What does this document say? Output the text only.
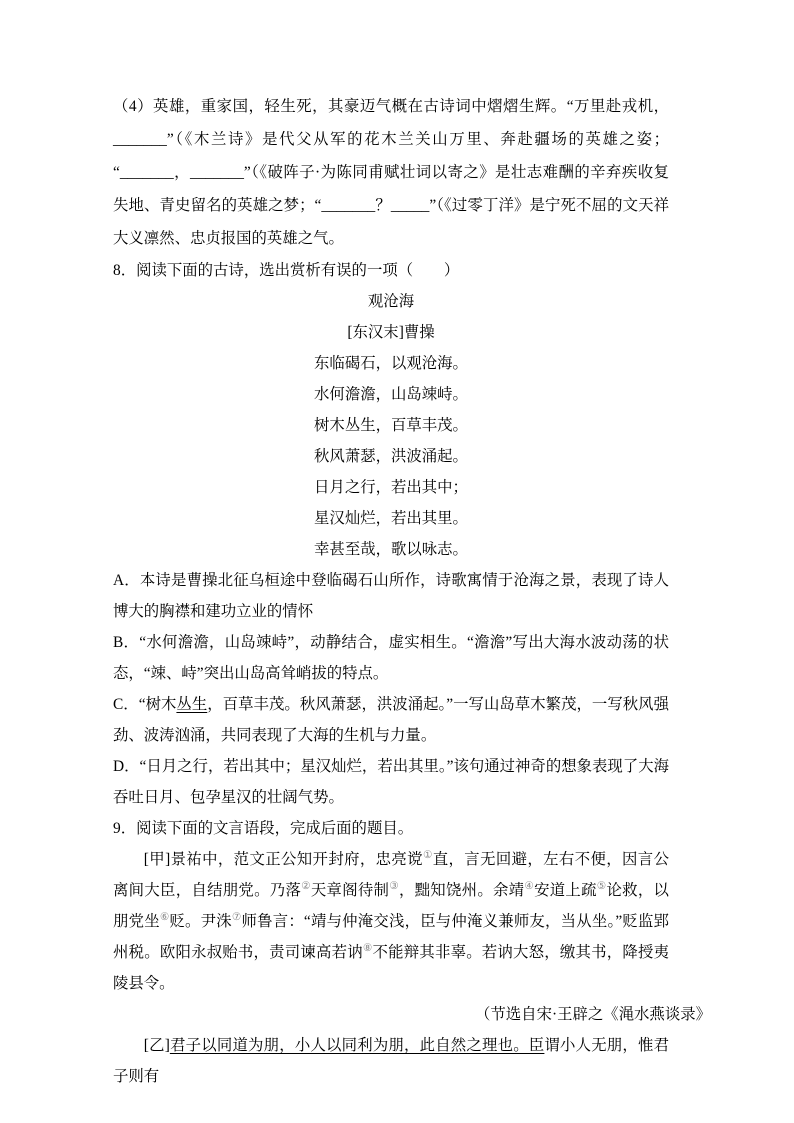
（4）英雄，重家国，轻生死，其豪迈气概在古诗词中熠熠生辉。“万里赴戎机，_______”（《木兰诗》是代父从军的花木兰关山万里、奔赴疆场的英雄之姿；“_______，_______”（《破阵子·为陈同甫赋壮词以寄之》是壮志难酬的辛弃疾收复失地、青史留名的英雄之梦；“_______？_____”（《过零丁洋》是宁死不屈的文天祥大义凛然、忠贞报国的英雄之气。

8．阅读下面的古诗，选出赏析有误的一项（　　）

观沧海
[东汉末]曹操
东临碣石，以观沧海。
水何澹澹，山岛竦峙。
树木丛生，百草丰茂。
秋风萧瑟，洪波涌起。
日月之行，若出其中；
星汉灿烂，若出其里。
幸甚至哉，歌以咏志。

A．本诗是曹操北征乌桓途中登临碣石山所作，诗歌寓情于沧海之景，表现了诗人博大的胸襟和建功立业的情怀

B．“水何澹澹，山岛竦峙”，动静结合，虚实相生。“澹澹”写出大海水波动荡的状态，“竦、峙”突出山岛高耸峭拔的特点。

C．“树木丛生，百草丰茂。秋风萧瑟，洪波涌起。”一写山岛草木繁茂，一写秋风强劲、波涛汹涌，共同表现了大海的生机与力量。

D．“日月之行，若出其中；星汉灿烂，若出其里。”该句通过神奇的想象表现了大海吞吐日月、包孕星汉的壮阔气势。

9．阅读下面的文言语段，完成后面的题目。

[甲]景祐中，范文正公知开封府，忠亮谠①直，言无回避，左右不便，因言公离间大臣，自结朋党。乃落②天章阁待制③，黜知饶州。余靖④安道上疏⑤论救，以朋党坐⑥贬。尹洙⑦师鲁言：“靖与仲淹交浅，臣与仲淹义兼师友，当从坐。”贬监郢州税。欧阳永叔贻书，责司谏高若讷⑧不能辩其非辜。若讷大怒，缴其书，降授夷陵县令。

（节选自宋·王辟之《渑水燕谈录》

[乙]君子以同道为朋，小人以同利为朋，此自然之理也。臣谓小人无朋，惟君子则有
